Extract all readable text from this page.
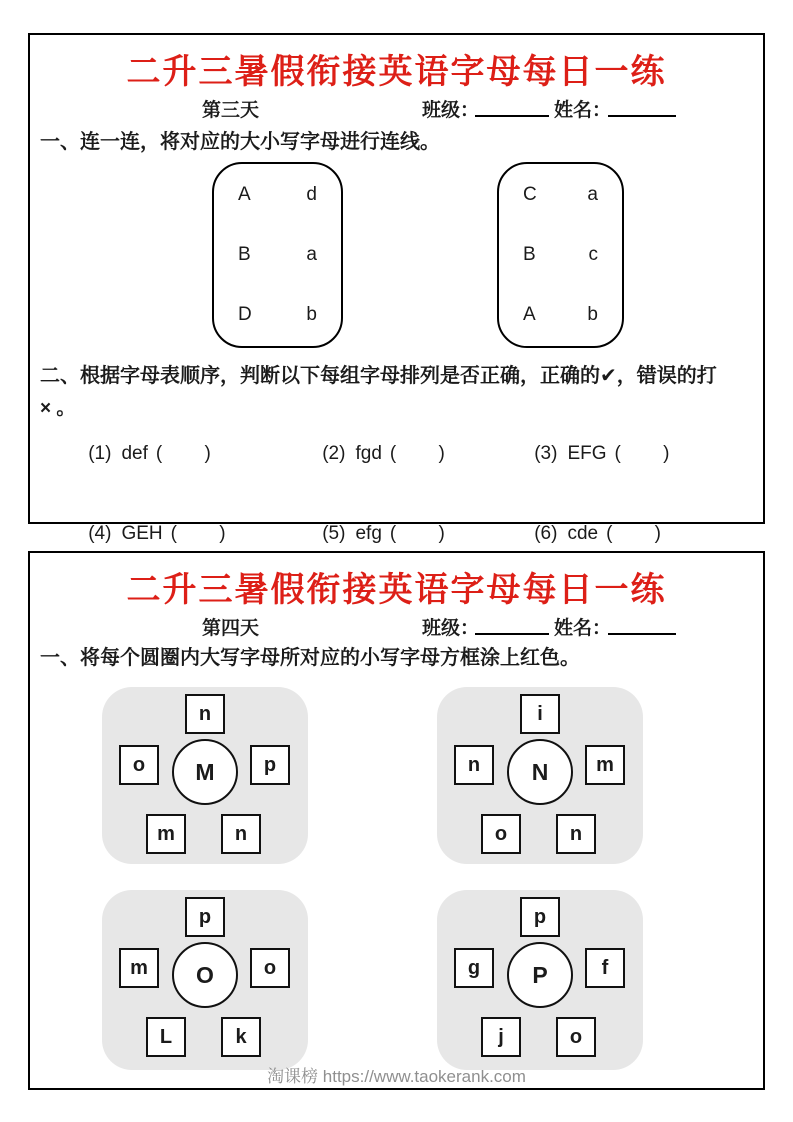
二升三暑假衔接英语字母每日一练
第三天	班级：	姓名：

一、连一连，将对应的大小写字母进行连线。

A	d
B	a
D	b
C	a
B	c
A	b

二、根据字母表顺序，判断以下每组字母排列是否正确，正确的✔，错误的打

× 。

(1) def (        )
	(2) fgd (        )
	(3) EFG (        )

(4) GEH (        )
	(5) efg (        )
	(6) cde (        )

二升三暑假衔接英语字母每日一练
第四天	班级：	姓名：

一、将每个圆圈内大写字母所对应的小写字母方框涂上红色。

n
o	M	p
m	n
i
n	N	m
o	n
p
m	O	o
L	k
p
g	P	f
j	o
淘课榜 https://www.taokerank.com
